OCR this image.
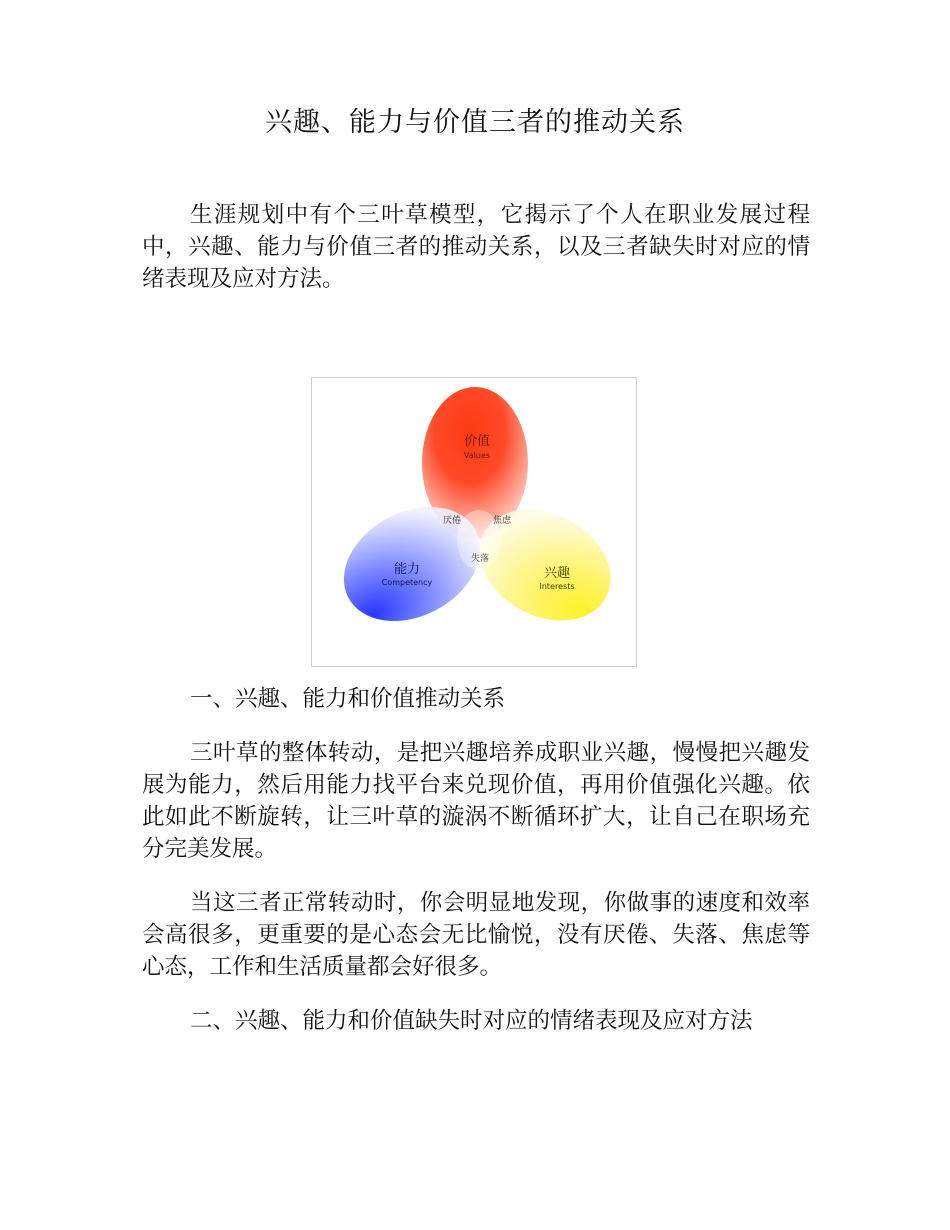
兴趣、能力与价值三者的推动关系

生涯规划中有个三叶草模型，它揭示了个人在职业发展过程中，兴趣、能力与价值三者的推动关系，以及三者缺失时对应的情绪表现及应对方法。

价值
Values
能力
Competency
兴趣
Interests
厌倦	焦虑
失落

一、兴趣、能力和价值推动关系

三叶草的整体转动，是把兴趣培养成职业兴趣，慢慢把兴趣发展为能力，然后用能力找平台来兑现价值，再用价值强化兴趣。依此如此不断旋转，让三叶草的漩涡不断循环扩大，让自己在职场充分完美发展。

当这三者正常转动时，你会明显地发现，你做事的速度和效率会高很多，更重要的是心态会无比愉悦，没有厌倦、失落、焦虑等心态，工作和生活质量都会好很多。

二、兴趣、能力和价值缺失时对应的情绪表现及应对方法
